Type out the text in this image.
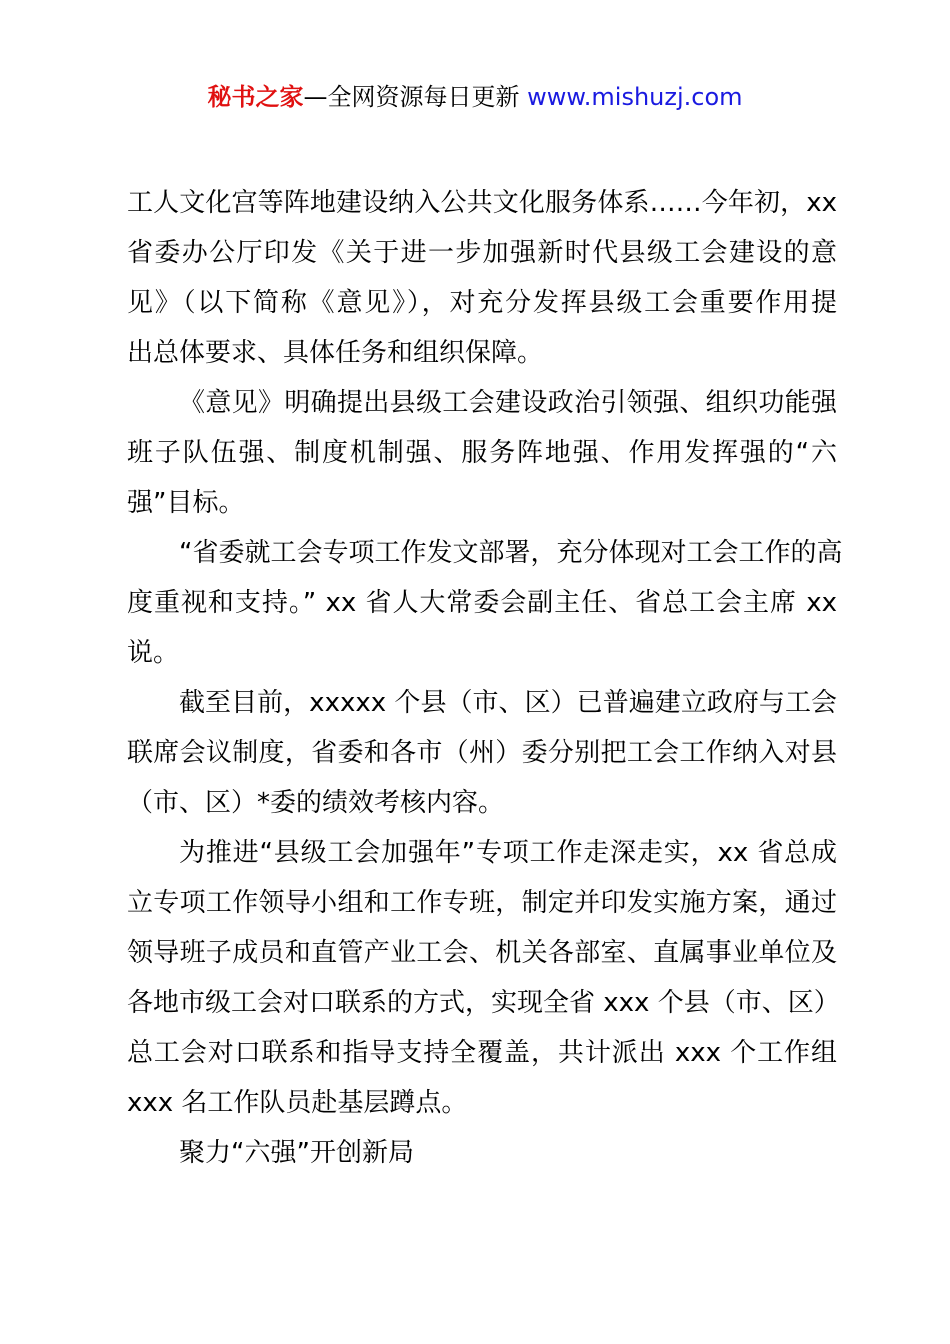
秘书之家—全网资源每日更新 www.mishuzj.com
工人文化宫等阵地建设纳入公共文化服务体系……今年初，xx
省委办公厅印发《关于进一步加强新时代县级工会建设的意
见》（以下简称《意见》），对充分发挥县级工会重要作用提
出总体要求、具体任务和组织保障。
《意见》明确提出县级工会建设政治引领强、组织功能强
班子队伍强、制度机制强、服务阵地强、作用发挥强的“六
强”目标。
“省委就工会专项工作发文部署，充分体现对工会工作的高
度重视和支持。” xx 省人大常委会副主任、省总工会主席 xx
说。
截至目前，xxxxx 个县（市、区）已普遍建立政府与工会
联席会议制度，省委和各市（州）委分别把工会工作纳入对县
（市、区）*委的绩效考核内容。
为推进“县级工会加强年”专项工作走深走实，xx 省总成
立专项工作领导小组和工作专班，制定并印发实施方案，通过
领导班子成员和直管产业工会、机关各部室、直属事业单位及
各地市级工会对口联系的方式，实现全省 xxx 个县（市、区）
总工会对口联系和指导支持全覆盖，共计派出 xxx 个工作组
xxx 名工作队员赴基层蹲点。
聚力“六强”开创新局
